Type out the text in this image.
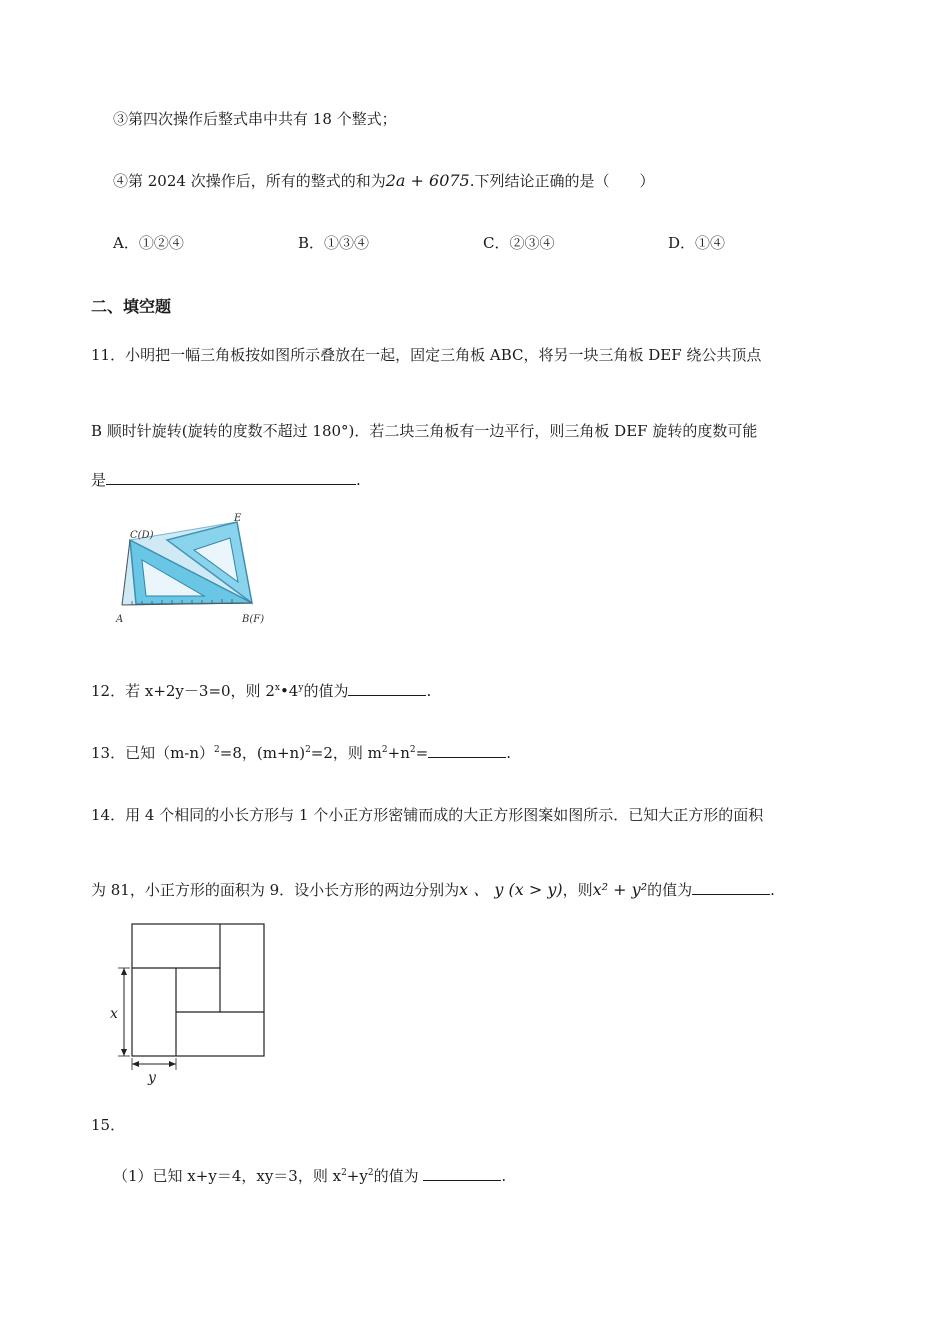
③第四次操作后整式串中共有 18 个整式；
④第 2024 次操作后，所有的整式的和为2a + 6075.下列结论正确的是（　　）
A．①②④	B．①③④	C．②③④	D．①④
二、填空题
11．小明把一幅三角板按如图所示叠放在一起，固定三角板 ABC，将另一块三角板 DEF 绕公共顶点
B 顺时针旋转(旋转的度数不超过 180°)．若二块三角板有一边平行，则三角板 DEF 旋转的度数可能
是	.
C(D)
E
A	B(F)
12．若 x+2y－3=0，则 2$^x$•4$^y$的值为	.
13．已知$(m-n)^2=8$，$(m+n)^2=2$，则 $m^2+n^2=$	.
14．用 4 个相同的小长方形与 1 个小正方形密铺而成的大正方形图案如图所示．已知大正方形的面积
为 81，小正方形的面积为 9．设小长方形的两边分别为x 、 y (x > y)，则x² + y²的值为	.
x
y
15．
（1）已知 x+y＝4，xy＝3，则 $x^2+y^2$的值为	.
